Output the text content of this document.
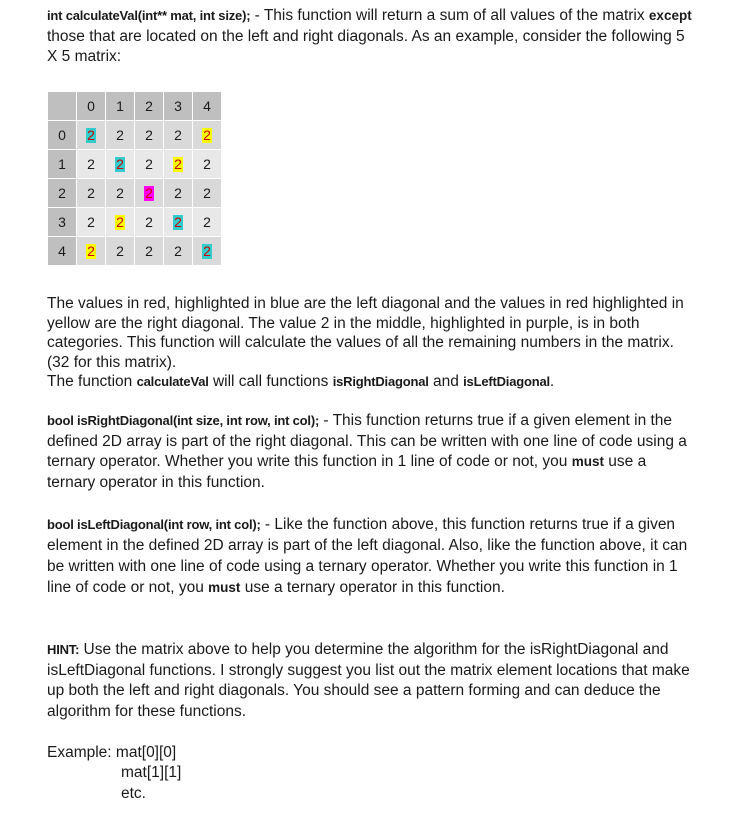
int calculateVal(int** mat, int size); - This function will return a sum of all values of the matrix except those that are located on the left and right diagonals. As an example, consider the following 5 X 5 matrix:

	0	1	2	3	4
0	2	2	2	2	2
1	2	2	2	2	2
2	2	2	2	2	2
3	2	2	2	2	2
4	2	2	2	2	2

The values in red, highlighted in blue are the left diagonal and the values in red highlighted in yellow are the right diagonal. The value 2 in the middle, highlighted in purple, is in both categories. This function will calculate the values of all the remaining numbers in the matrix. (32 for this matrix).
The function calculateVal will call functions isRightDiagonal and isLeftDiagonal.

bool isRightDiagonal(int size, int row, int col); - This function returns true if a given element in the defined 2D array is part of the right diagonal. This can be written with one line of code using a ternary operator. Whether you write this function in 1 line of code or not, you must use a ternary operator in this function.

bool isLeftDiagonal(int row, int col); - Like the function above, this function returns true if a given element in the defined 2D array is part of the left diagonal. Also, like the function above, it can be written with one line of code using a ternary operator. Whether you write this function in 1 line of code or not, you must use a ternary operator in this function.

HINT: Use the matrix above to help you determine the algorithm for the isRightDiagonal and isLeftDiagonal functions. I strongly suggest you list out the matrix element locations that make up both the left and right diagonals. You should see a pattern forming and can deduce the algorithm for these functions.

Example: mat[0][0]
mat[1][1]
etc.
